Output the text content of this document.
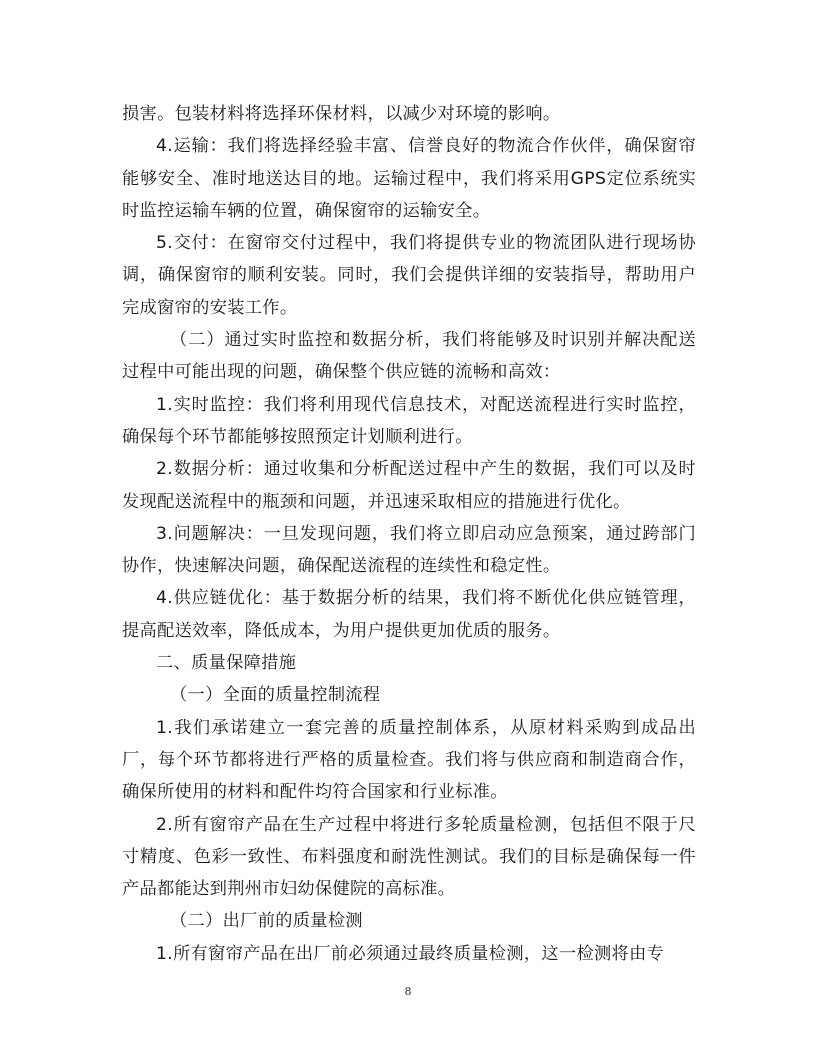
损害。包装材料将选择环保材料，以减少对环境的影响。

4.运输：我们将选择经验丰富、信誉良好的物流合作伙伴，确保窗帘能够安全、准时地送达目的地。运输过程中，我们将采用GPS定位系统实时监控运输车辆的位置，确保窗帘的运输安全。

5.交付：在窗帘交付过程中，我们将提供专业的物流团队进行现场协调，确保窗帘的顺利安装。同时，我们会提供详细的安装指导，帮助用户完成窗帘的安装工作。

（二）通过实时监控和数据分析，我们将能够及时识别并解决配送过程中可能出现的问题，确保整个供应链的流畅和高效：

1.实时监控：我们将利用现代信息技术，对配送流程进行实时监控，确保每个环节都能够按照预定计划顺利进行。

2.数据分析：通过收集和分析配送过程中产生的数据，我们可以及时发现配送流程中的瓶颈和问题，并迅速采取相应的措施进行优化。

3.问题解决：一旦发现问题，我们将立即启动应急预案，通过跨部门协作，快速解决问题，确保配送流程的连续性和稳定性。

4.供应链优化：基于数据分析的结果，我们将不断优化供应链管理，提高配送效率，降低成本，为用户提供更加优质的服务。

二、质量保障措施

（一）全面的质量控制流程

1.我们承诺建立一套完善的质量控制体系，从原材料采购到成品出厂，每个环节都将进行严格的质量检查。我们将与供应商和制造商合作，确保所使用的材料和配件均符合国家和行业标准。

2.所有窗帘产品在生产过程中将进行多轮质量检测，包括但不限于尺寸精度、色彩一致性、布料强度和耐洗性测试。我们的目标是确保每一件产品都能达到荆州市妇幼保健院的高标准。

（二）出厂前的质量检测

1.所有窗帘产品在出厂前必须通过最终质量检测，这一检测将由专

8
